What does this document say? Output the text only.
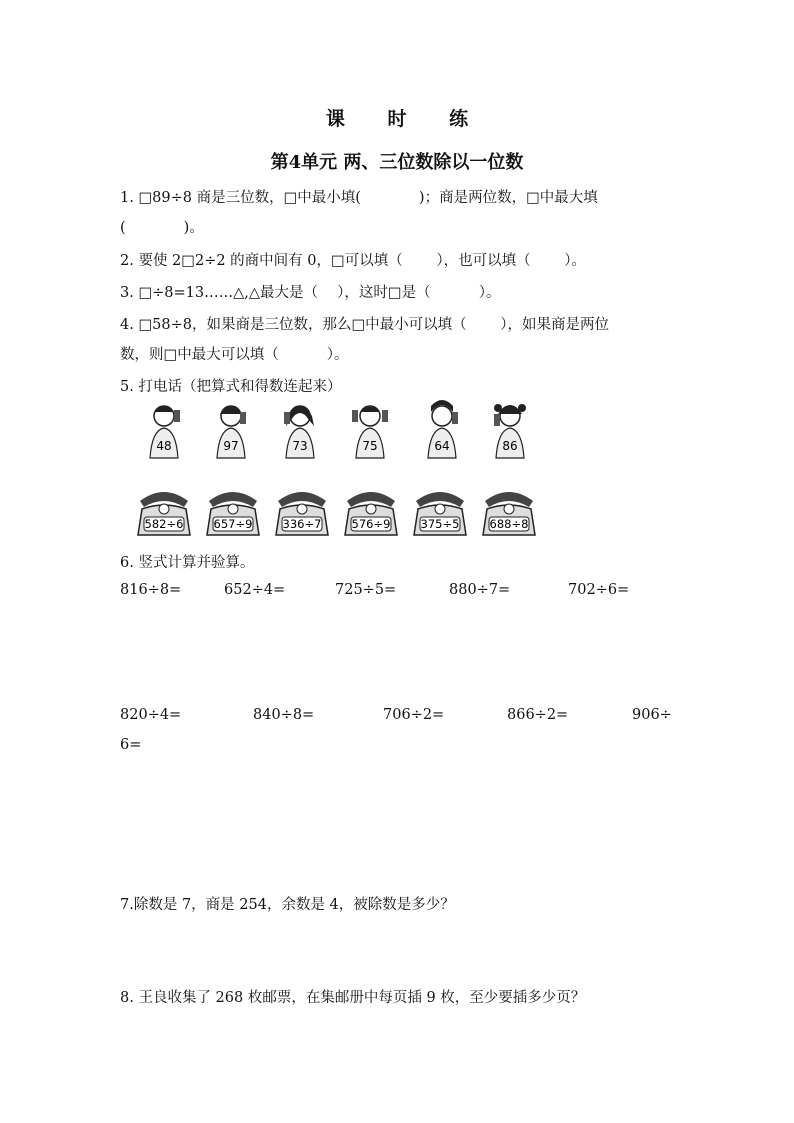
课 时 练
第4单元 两、三位数除以一位数
1. □89÷8 商是三位数，□中最小填(　　　　)；商是两位数，□中最大填
(　　　　)。
2. 要使 2□2÷2 的商中间有 0，□可以填（　　 ），也可以填（　　 ）。
3. □÷8=13……△,△最大是（　 ），这时□是（　　　 ）。
4. □58÷8，如果商是三位数，那么□中最小可以填（　　 ），如果商是两位
数，则□中最大可以填（　　　 ）。
5. 打电话（把算式和得数连起来）
48	97	73	75	64	86
582÷6	657÷9	336÷7	576÷9	375÷5	688÷8
6. 竖式计算并验算。
816÷8=	652÷4=	725÷5=	880÷7=	702÷6=
820÷4=	840÷8=	706÷2=	866÷2=	906÷
6=
7.除数是 7，商是 254，余数是 4，被除数是多少？
8. 王良收集了 268 枚邮票，在集邮册中每页插 9 枚，至少要插多少页？
